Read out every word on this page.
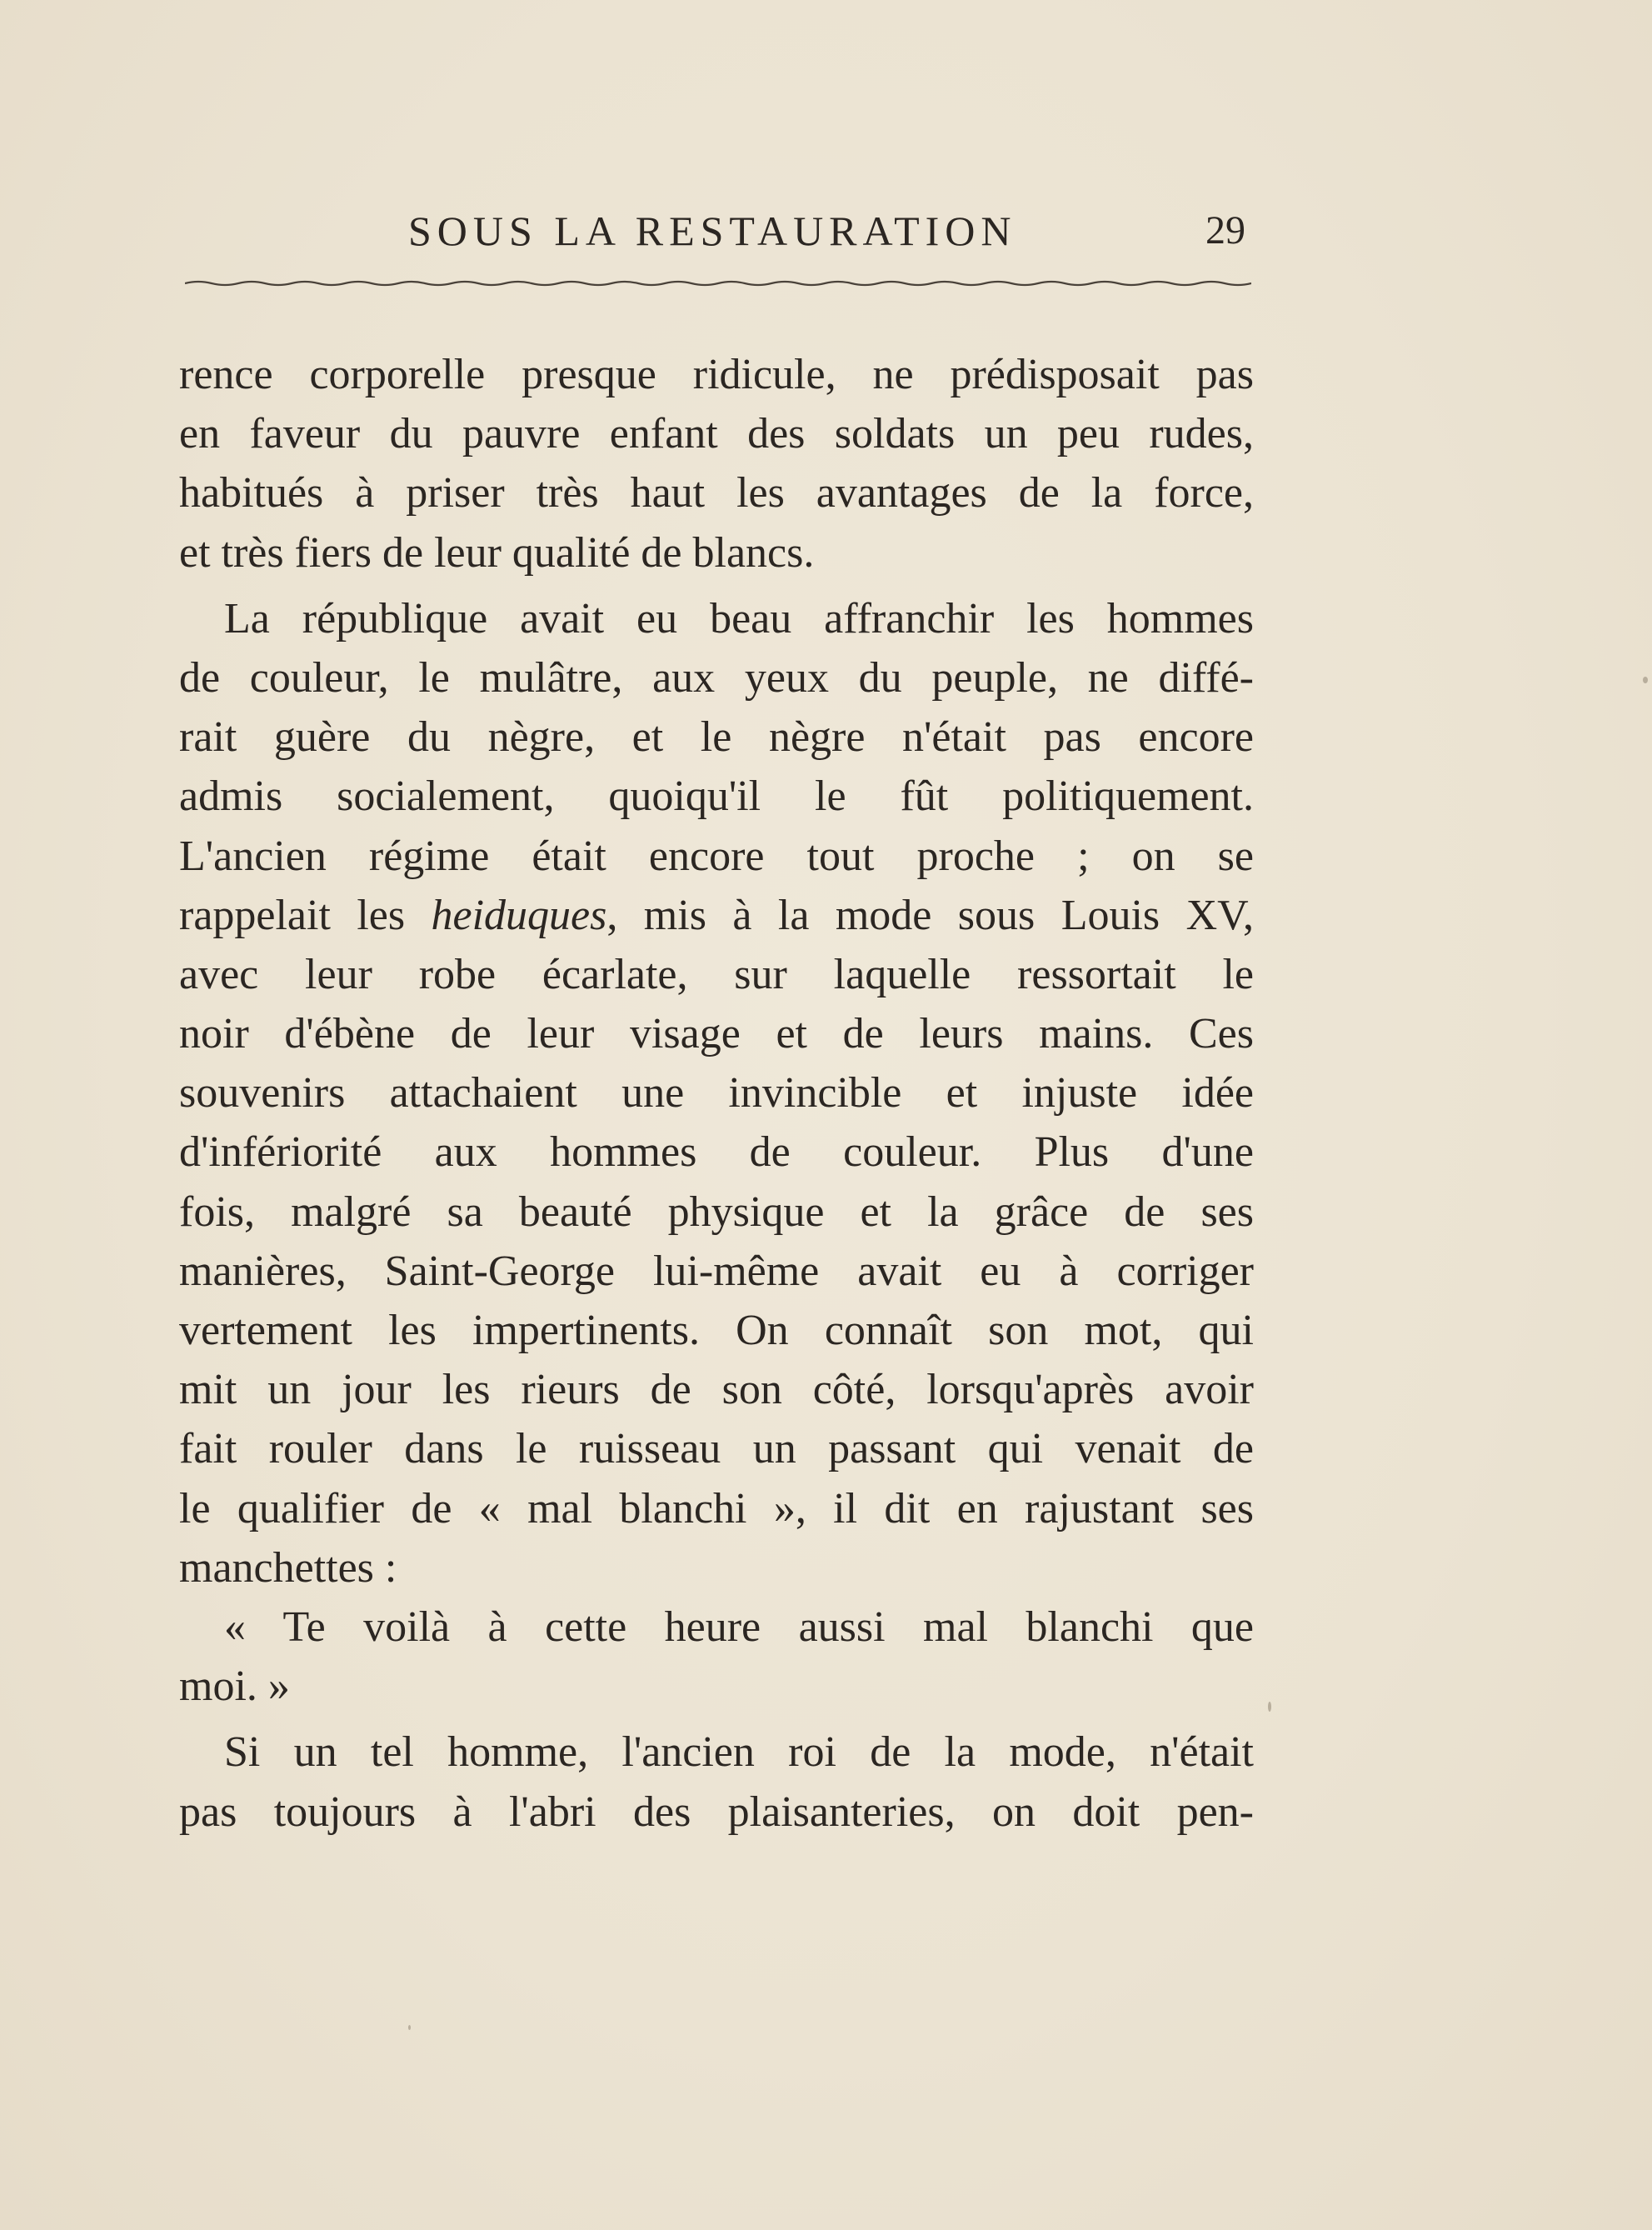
SOUS LA RESTAURATION	29
rence corporelle presque ridicule, ne prédisposait pas
en faveur du pauvre enfant des soldats un peu rudes,
habitués à priser très haut les avantages de la force,
et très fiers de leur qualité de blancs.
La république avait eu beau affranchir les hommes
de couleur, le mulâtre, aux yeux du peuple, ne diffé-
rait guère du nègre, et le nègre n'était pas encore
admis socialement, quoiqu'il le fût politiquement.
L'ancien régime était encore tout proche ; on se
rappelait les heiduques, mis à la mode sous Louis XV,
avec leur robe écarlate, sur laquelle ressortait le
noir d'ébène de leur visage et de leurs mains. Ces
souvenirs attachaient une invincible et injuste idée
d'infériorité aux hommes de couleur. Plus d'une
fois, malgré sa beauté physique et la grâce de ses
manières, Saint-George lui-même avait eu à corriger
vertement les impertinents. On connaît son mot, qui
mit un jour les rieurs de son côté, lorsqu'après avoir
fait rouler dans le ruisseau un passant qui venait de
le qualifier de « mal blanchi », il dit en rajustant ses
manchettes :
« Te voilà à cette heure aussi mal blanchi que
moi. »
Si un tel homme, l'ancien roi de la mode, n'était
pas toujours à l'abri des plaisanteries, on doit pen-
